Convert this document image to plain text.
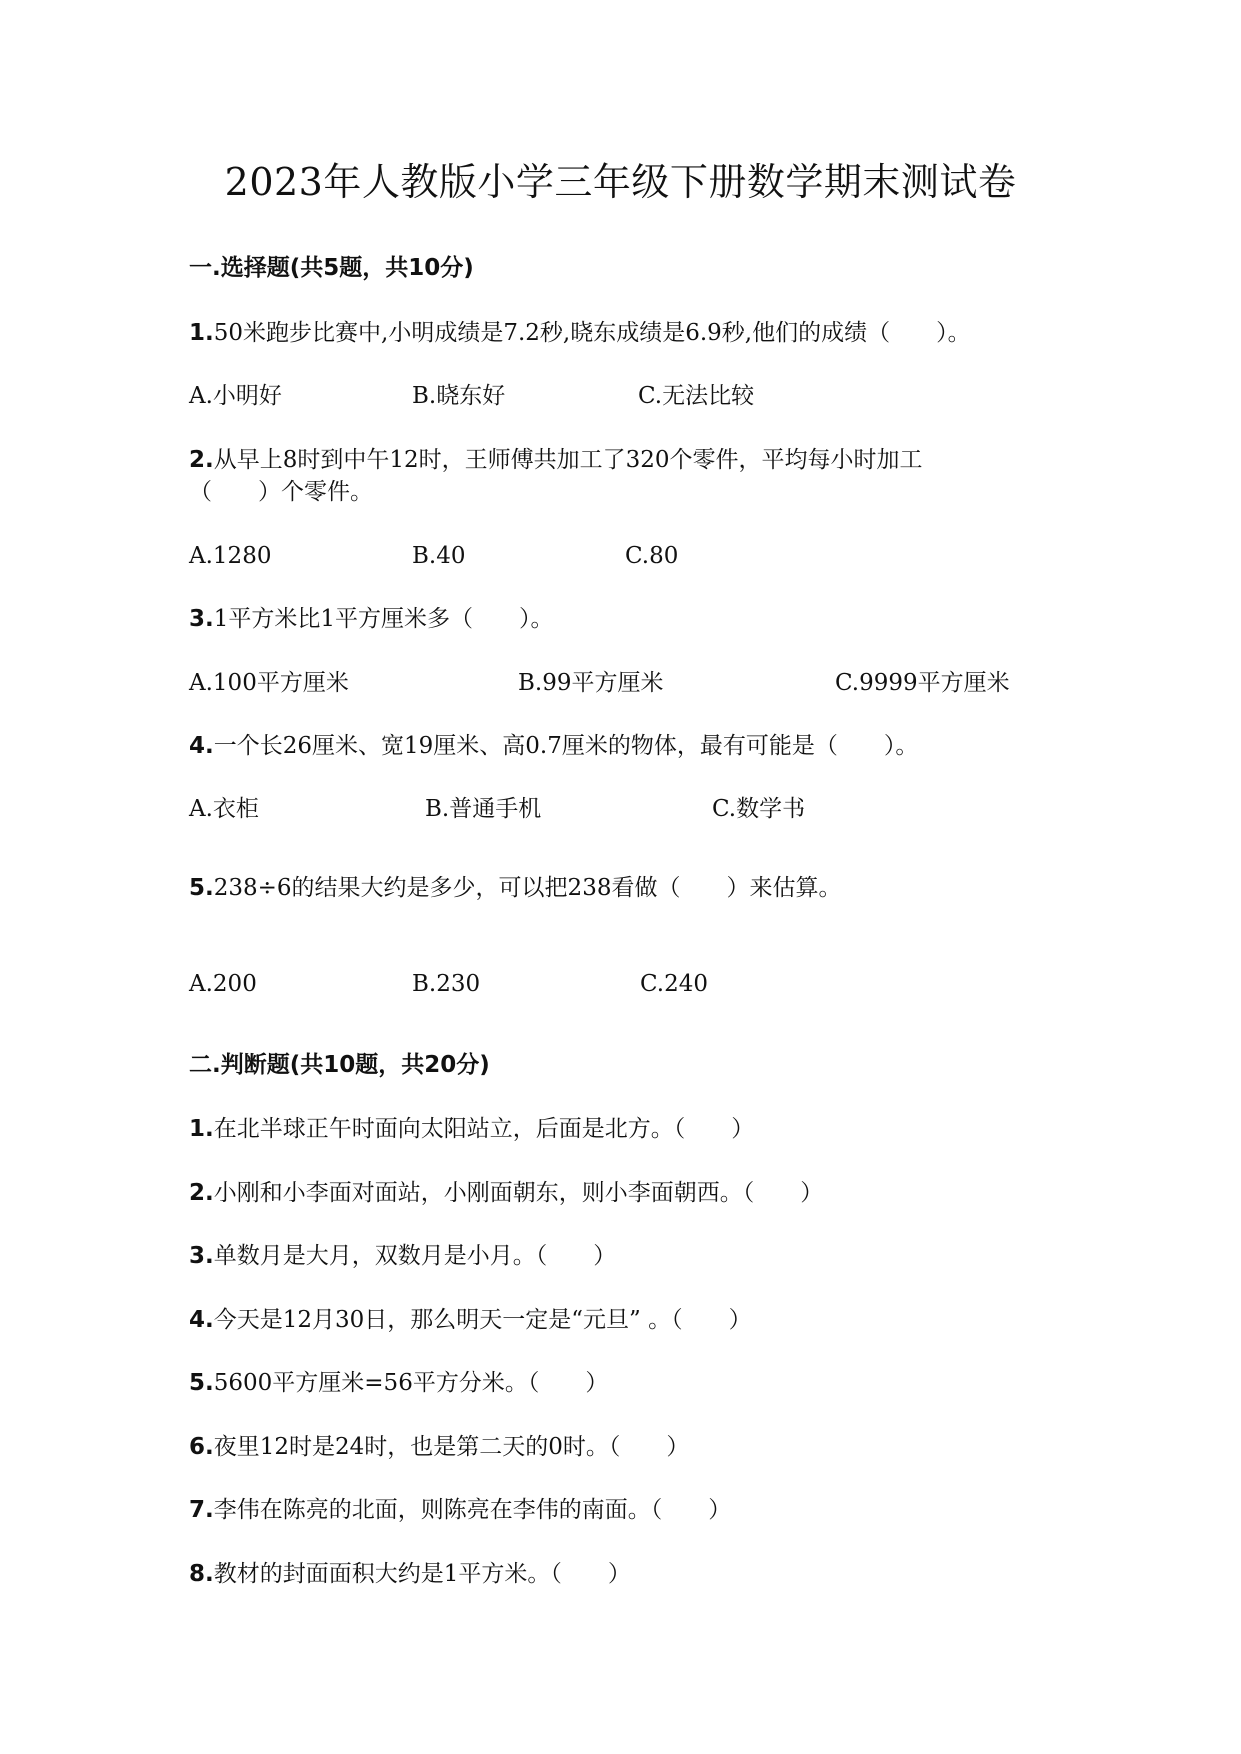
2023年人教版小学三年级下册数学期末测试卷
一.选择题(共5题，共10分)
1.50米跑步比赛中,小明成绩是7.2秒,晓东成绩是6.9秒,他们的成绩（　　）。
A.小明好	B.晓东好	C.无法比较
2.从早上8时到中午12时，王师傅共加工了320个零件，平均每小时加工
（　　）个零件。
A.1280	B.40	C.80
3.1平方米比1平方厘米多（　　）。
A.100平方厘米	B.99平方厘米	C.9999平方厘米
4.一个长26厘米、宽19厘米、高0.7厘米的物体，最有可能是（　　）。
A.衣柜	B.普通手机	C.数学书
5.238÷6的结果大约是多少，可以把238看做（　　）来估算。
A.200	B.230	C.240
二.判断题(共10题，共20分)
1.在北半球正午时面向太阳站立，后面是北方。（　　）
2.小刚和小李面对面站，小刚面朝东，则小李面朝西。（　　）
3.单数月是大月，双数月是小月。（　　）
4.今天是12月30日，那么明天一定是“元旦” 。（　　）
5.5600平方厘米=56平方分米。（　　）
6.夜里12时是24时，也是第二天的0时。（　　）
7.李伟在陈亮的北面，则陈亮在李伟的南面。（　　）
8.教材的封面面积大约是1平方米。（　　）
